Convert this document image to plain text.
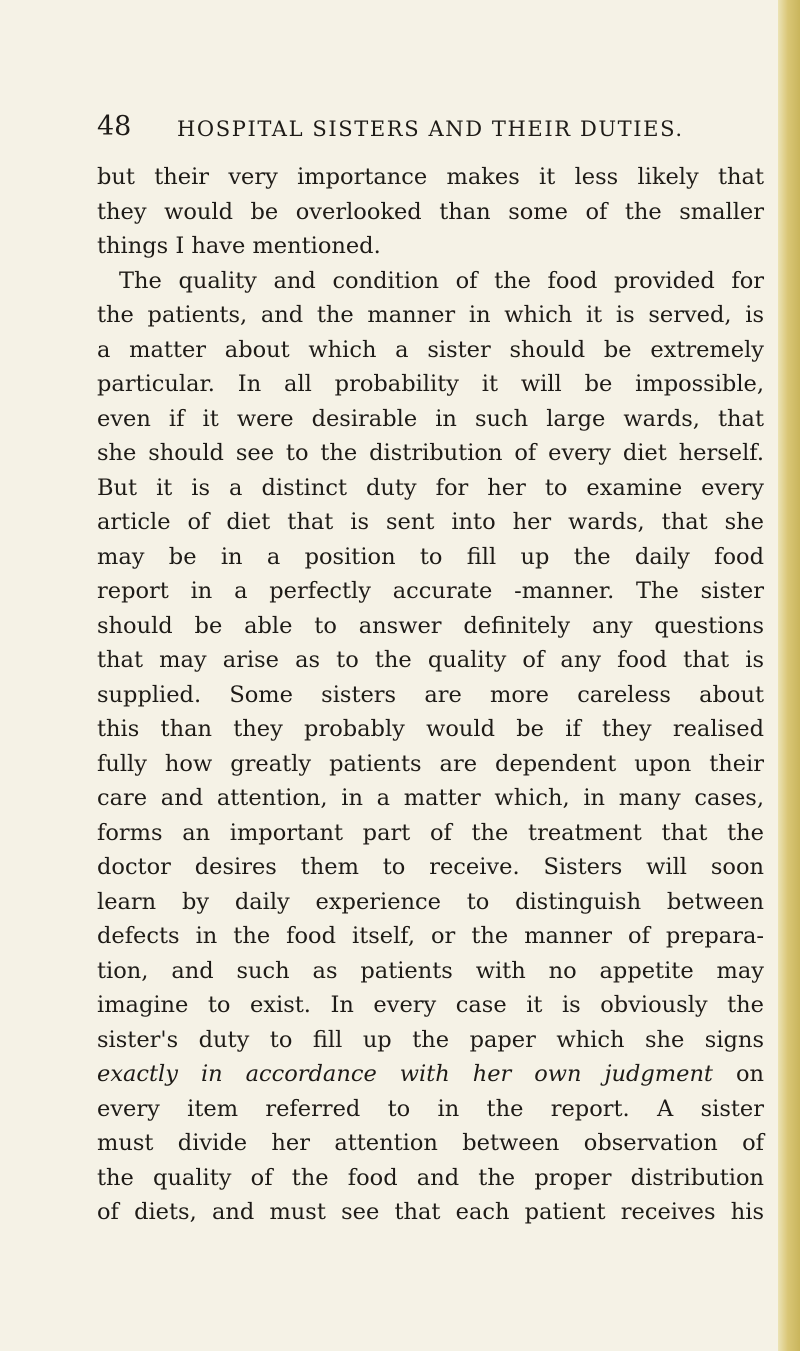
48 HOSPITAL SISTERS AND THEIR DUTIES.
but their very importance makes it less likely that
they would be overlooked than some of the smaller
things I have mentioned.
The quality and condition of the food provided for
the patients, and the manner in which it is served, is
a matter about which a sister should be extremely
particular. In all probability it will be impossible,
even if it were desirable in such large wards, that
she should see to the distribution of every diet herself.
But it is a distinct duty for her to examine every
article of diet that is sent into her wards, that she
may be in a position to fill up the daily food
report in a perfectly accurate -manner. The sister
should be able to answer definitely any questions
that may arise as to the quality of any food that is
supplied. Some sisters are more careless about
this than they probably would be if they realised
fully how greatly patients are dependent upon their
care and attention, in a matter which, in many cases,
forms an important part of the treatment that the
doctor desires them to receive. Sisters will soon
learn by daily experience to distinguish between
defects in the food itself, or the manner of prepara-
tion, and such as patients with no appetite may
imagine to exist. In every case it is obviously the
sister's duty to fill up the paper which she signs
exactly in accordance with her own judgment on
every item referred to in the report. A sister
must divide her attention between observation of
the quality of the food and the proper distribution
of diets, and must see that each patient receives his
